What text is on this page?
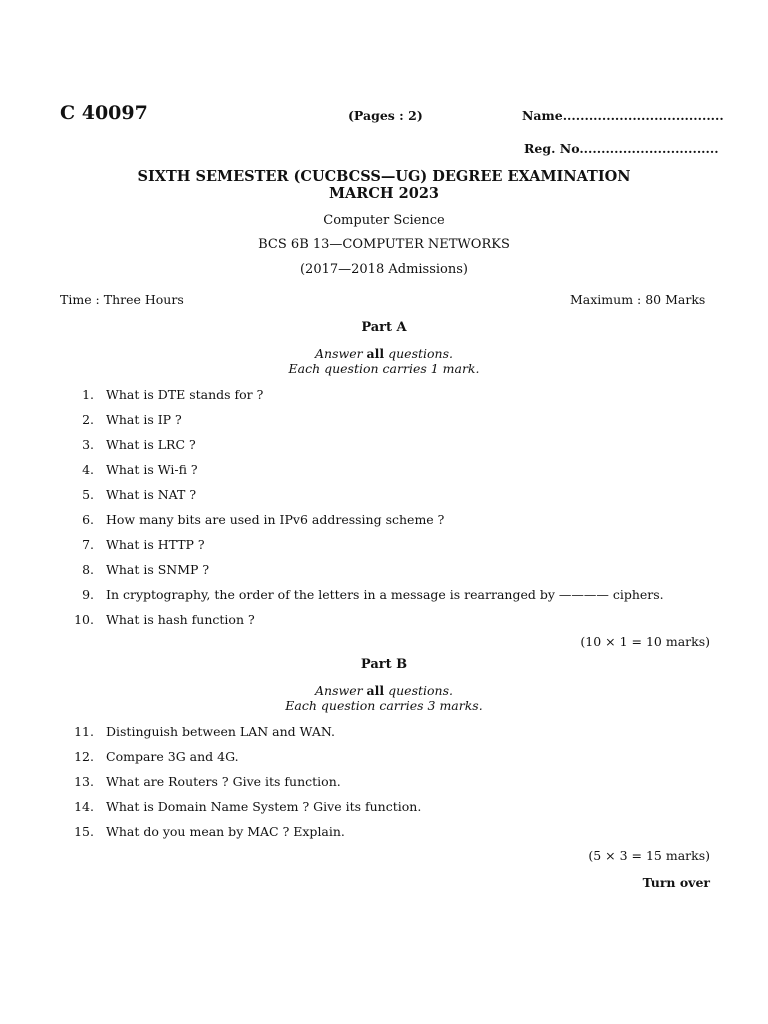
C 40097	(Pages : 2)	Name.....................................
Reg. No................................
SIXTH SEMESTER (CUCBCSS—UG) DEGREE EXAMINATION
MARCH 2023
Computer Science
BCS 6B 13—COMPUTER NETWORKS
(2017—2018 Admissions)
Time : Three Hours	Maximum : 80 Marks
Part A
Answer all questions.
Each question carries 1 mark.
1. What is DTE stands for ?
2. What is IP ?
3. What is LRC ?
4. What is Wi-fi ?
5. What is NAT ?
6. How many bits are used in IPv6 addressing scheme ?
7. What is HTTP ?
8. What is SNMP ?
9. In cryptography, the order of the letters in a message is rearranged by ———— ciphers.
10. What is hash function ?
(10 × 1 = 10 marks)
Part B
Answer all questions.
Each question carries 3 marks.
11. Distinguish between LAN and WAN.
12. Compare 3G and 4G.
13. What are Routers ? Give its function.
14. What is Domain Name System ? Give its function.
15. What do you mean by MAC ? Explain.
(5 × 3 = 15 marks)
Turn over
